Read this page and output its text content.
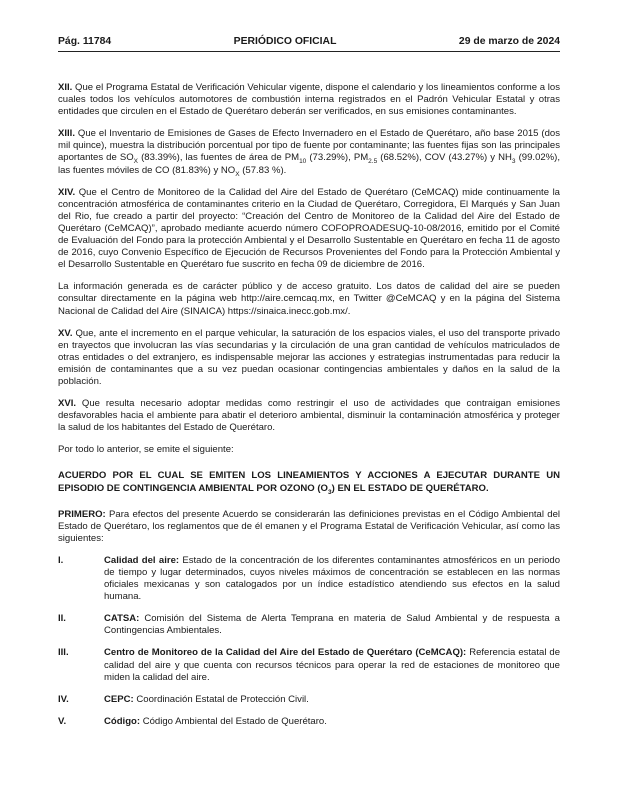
Pág. 11784	PERIÓDICO OFICIAL	29 de marzo de 2024

XII. Que el Programa Estatal de Verificación Vehicular vigente, dispone el calendario y los lineamientos conforme a los cuales todos los vehículos automotores de combustión interna registrados en el Padrón Vehicular Estatal y otras entidades que circulen en el Estado de Querétaro deberán ser verificados, en sus emisiones contaminantes.

XIII. Que el Inventario de Emisiones de Gases de Efecto Invernadero en el Estado de Querétaro, año base 2015 (dos mil quince), muestra la distribución porcentual por tipo de fuente por contaminante; las fuentes fijas son las principales aportantes de $SO_X$ (83.39%), las fuentes de área de $PM_{10}$ (73.29%), $PM_{2.5}$ (68.52%), COV (43.27%) y $NH_3$ (99.02%), las fuentes móviles de CO (81.83%) y $NO_X$ (57.83 %).

XIV. Que el Centro de Monitoreo de la Calidad del Aire del Estado de Querétaro (CeMCAQ) mide continuamente la concentración atmosférica de contaminantes criterio en la Ciudad de Querétaro, Corregidora, El Marqués y San Juan del Rio, fue creado a partir del proyecto: “Creación del Centro de Monitoreo de la Calidad del Aire del Estado de Querétaro (CeMCAQ)”, aprobado mediante acuerdo número COFOPROADESUQ-10-08/2016, emitido por el Comité de Evaluación del Fondo para la protección Ambiental y el Desarrollo Sustentable en Querétaro en fecha 11 de agosto de 2016, cuyo Convenio Específico de Ejecución de Recursos Provenientes del Fondo para la Protección Ambiental y el Desarrollo Sustentable en Querétaro fue suscrito en fecha 09 de diciembre de 2016.

La información generada es de carácter público y de acceso gratuito. Los datos de calidad del aire se pueden consultar directamente en la página web http://aire.cemcaq.mx, en Twitter @CeMCAQ y en la página del Sistema Nacional de Calidad del Aire (SINAICA) https://sinaica.inecc.gob.mx/.

XV. Que, ante el incremento en el parque vehicular, la saturación de los espacios viales, el uso del transporte privado en trayectos que involucran las vías secundarias y la circulación de una gran cantidad de vehículos matriculados de otras entidades o del extranjero, es indispensable mejorar las acciones y estrategias instrumentadas para reducir la emisión de contaminantes que a su vez puedan ocasionar contingencias ambientales y daños en la salud de la población.

XVI. Que resulta necesario adoptar medidas como restringir el uso de actividades que contraigan emisiones desfavorables hacia el ambiente para abatir el deterioro ambiental, disminuir la contaminación atmosférica y proteger la salud de los habitantes del Estado de Querétaro.

Por todo lo anterior, se emite el siguiente:

ACUERDO POR EL CUAL SE EMITEN LOS LINEAMIENTOS Y ACCIONES A EJECUTAR DURANTE UN EPISODIO DE CONTINGENCIA AMBIENTAL POR OZONO $(O_3)$ EN EL ESTADO DE QUERÉTARO.

PRIMERO: Para efectos del presente Acuerdo se considerarán las definiciones previstas en el Código Ambiental del Estado de Querétaro, los reglamentos que de él emanen y el Programa Estatal de Verificación Vehicular, así como las siguientes:

I.	Calidad del aire: Estado de la concentración de los diferentes contaminantes atmosféricos en un periodo de tiempo y lugar determinados, cuyos niveles máximos de concentración se establecen en las normas oficiales mexicanas y son catalogados por un índice estadístico atendiendo sus efectos en la salud humana.
II.	CATSA: Comisión del Sistema de Alerta Temprana en materia de Salud Ambiental y de respuesta a Contingencias Ambientales.
III.	Centro de Monitoreo de la Calidad del Aire del Estado de Querétaro (CeMCAQ): Referencia estatal de calidad del aire y que cuenta con recursos técnicos para operar la red de estaciones de monitoreo que miden la calidad del aire.
IV.	CEPC: Coordinación Estatal de Protección Civil.
V.	Código: Código Ambiental del Estado de Querétaro.
